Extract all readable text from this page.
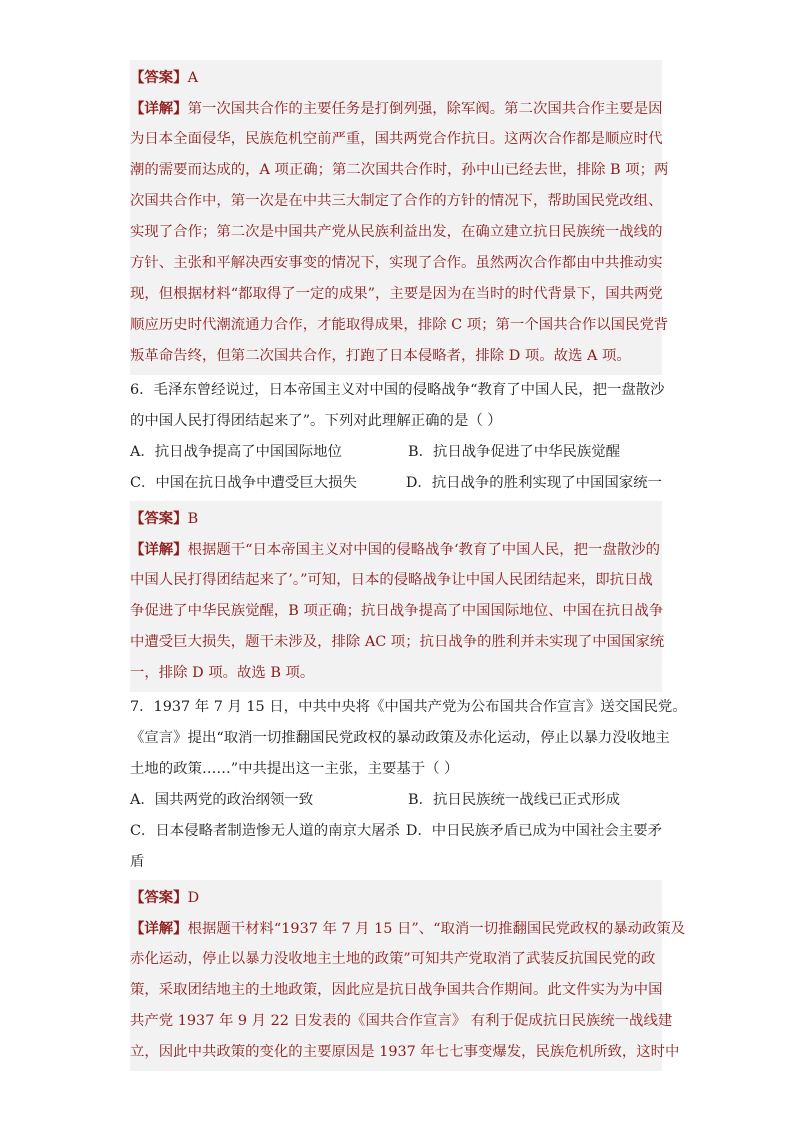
【答案】A
【详解】第一次国共合作的主要任务是打倒列强，除军阀。第二次国共合作主要是因
为日本全面侵华，民族危机空前严重，国共两党合作抗日。这两次合作都是顺应时代
潮的需要而达成的，A 项正确；第二次国共合作时，孙中山已经去世，排除 B 项；两
次国共合作中，第一次是在中共三大制定了合作的方针的情况下，帮助国民党改组、
实现了合作；第二次是中国共产党从民族利益出发，在确立建立抗日民族统一战线的
方针、主张和平解决西安事变的情况下，实现了合作。虽然两次合作都由中共推动实
现，但根据材料“都取得了一定的成果”，主要是因为在当时的时代背景下，国共两党
顺应历史时代潮流通力合作，才能取得成果，排除 C 项；第一个国共合作以国民党背
叛革命告终，但第二次国共合作，打跑了日本侵略者，排除 D 项。故选 A 项。
6．毛泽东曾经说过，日本帝国主义对中国的侵略战争“教育了中国人民，把一盘散沙
的中国人民打得团结起来了”。下列对此理解正确的是（ ）
A．抗日战争提高了中国国际地位	B．抗日战争促进了中华民族觉醒
C．中国在抗日战争中遭受巨大损失	D．抗日战争的胜利实现了中国国家统一
【答案】B
【详解】根据题干“日本帝国主义对中国的侵略战争‘教育了中国人民，把一盘散沙的
中国人民打得团结起来了’。”可知，日本的侵略战争让中国人民团结起来，即抗日战
争促进了中华民族觉醒，B 项正确；抗日战争提高了中国国际地位、中国在抗日战争
中遭受巨大损失，题干未涉及，排除 AC 项；抗日战争的胜利并未实现了中国国家统
一，排除 D 项。故选 B 项。
7．1937 年 7 月 15 日，中共中央将《中国共产党为公布国共合作宣言》送交国民党。
《宣言》提出“取消一切推翻国民党政权的暴动政策及赤化运动，停止以暴力没收地主
土地的政策……”中共提出这一主张，主要基于（ ）
A．国共两党的政治纲领一致	B．抗日民族统一战线已正式形成
C．日本侵略者制造惨无人道的南京大屠杀 D．中日民族矛盾已成为中国社会主要矛
盾
【答案】D
【详解】根据题干材料“1937 年 7 月 15 日”、“取消一切推翻国民党政权的暴动政策及
赤化运动，停止以暴力没收地主土地的政策”可知共产党取消了武装反抗国民党的政
策，采取团结地主的土地政策，因此应是抗日战争国共合作期间。此文件实为为中国
共产党 1937 年 9 月 22 日发表的《国共合作宣言》 有利于促成抗日民族统一战线建
立，因此中共政策的变化的主要原因是 1937 年七七事变爆发，民族危机所致，这时中
